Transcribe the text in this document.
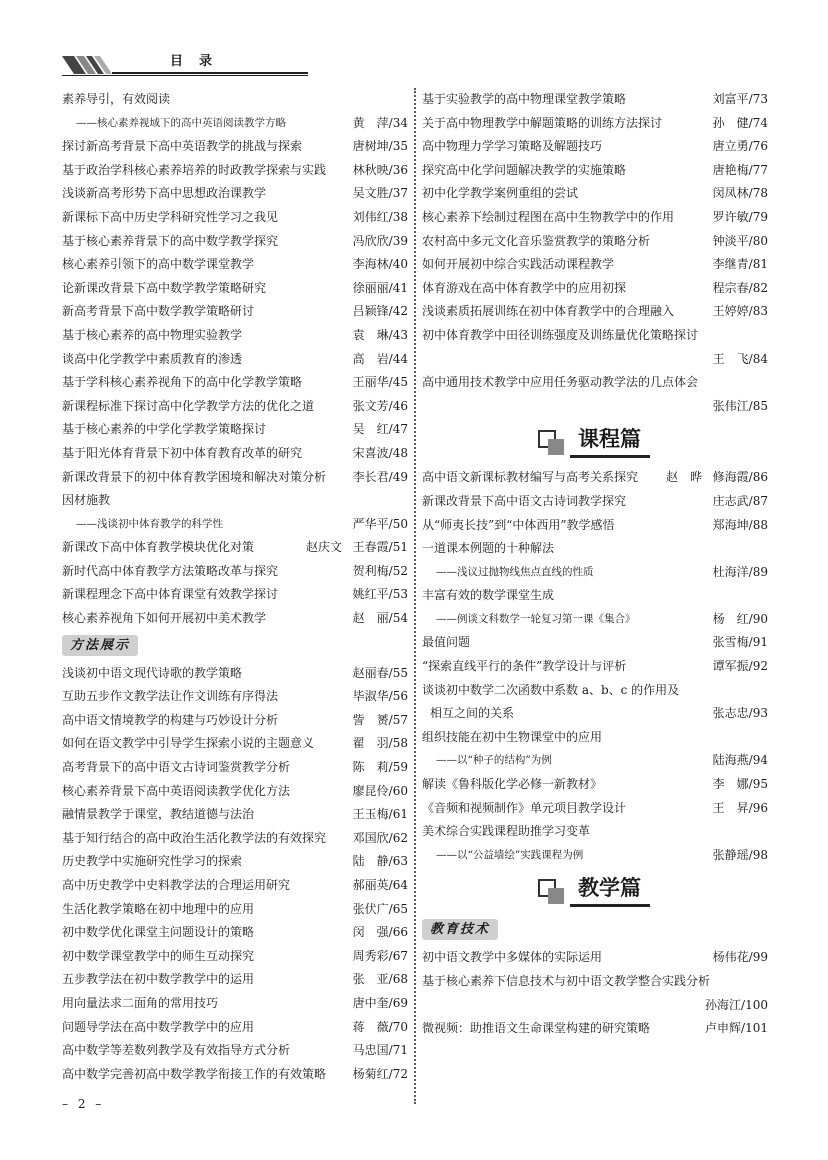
目录
素养导引，有效阅读
——核心素养视域下的高中英语阅读教学方略	黄　萍/34
探讨新高考背景下高中英语教学的挑战与探索	唐树坤/35
基于政治学科核心素养培养的时政教学探索与实践 林秋映/36
浅谈新高考形势下高中思想政治课教学	吴文胜/37
新课标下高中历史学科研究性学习之我见	刘伟红/38
基于核心素养背景下的高中数学教学探究	冯欣欣/39
核心素养引领下的高中数学课堂教学	李海林/40
论新课改背景下高中数学教学策略研究	徐丽丽/41
新高考背景下高中数学教学策略研讨	吕颖锋/42
基于核心素养的高中物理实验教学	袁　琳/43
谈高中化学教学中素质教育的渗透	高　岩/44
基于学科核心素养视角下的高中化学教学策略	王丽华/45
新课程标准下探讨高中化学教学方法的优化之道	张文芳/46
基于核心素养的中学化学教学策略探讨	吴　红/47
基于阳光体育背景下初中体育教育改革的研究	宋喜波/48
新课改背景下的初中体育教学困境和解决对策分析 李长君/49
因材施教
——浅谈初中体育教学的科学性	严华平/50
新课改下高中体育教学模块优化对策	赵庆文 王春霞/51
新时代高中体育教学方法策略改革与探究	贺利梅/52
新课程理念下高中体育课堂有效教学探讨	姚红平/53
核心素养视角下如何开展初中美术教学	赵　丽/54
方法展示
浅谈初中语文现代诗歌的教学策略	赵丽春/55
互助五步作文教学法让作文训练有序得法	毕淑华/56
高中语文情境教学的构建与巧妙设计分析	訾　赟/57
如何在语文教学中引导学生探索小说的主题意义	翟　羽/58
高考背景下的高中语文古诗词鉴赏教学分析	陈　莉/59
核心素养背景下高中英语阅读教学优化方法	廖昆伶/60
融情景教学于课堂，教结道德与法治	王玉梅/61
基于知行结合的高中政治生活化教学法的有效探究 邓国欣/62
历史教学中实施研究性学习的探索	陆　静/63
高中历史教学中史料教学法的合理运用研究	郝丽英/64
生活化教学策略在初中地理中的应用	张伏广/65
初中数学优化课堂主问题设计的策略	闵　强/66
初中数学课堂教学中的师生互动探究	周秀彩/67
五步教学法在初中数学教学中的运用	张　亚/68
用向量法求二面角的常用技巧	唐中奎/69
问题导学法在高中数学教学中的应用	蒋　薇/70
高中数学等差数列教学及有效指导方式分析	马忠国/71
高中数学完善初高中数学教学衔接工作的有效策略 杨菊红/72
基于实验教学的高中物理课堂教学策略	刘富平/73
关于高中物理教学中解题策略的训练方法探讨	孙　健/74
高中物理力学学习策略及解题技巧	唐立勇/76
探究高中化学问题解决教学的实施策略	唐艳梅/77
初中化学教学案例重组的尝试	闵凤林/78
核心素养下绘制过程图在高中生物教学中的作用	罗许敏/79
农村高中多元文化音乐鉴赏教学的策略分析	钟淡平/80
如何开展初中综合实践活动课程教学	李继青/81
体育游戏在高中体育教学中的应用初探	程宗春/82
浅谈素质拓展训练在初中体育教学中的合理融入	王婷婷/83
初中体育教学中田径训练强度及训练量优化策略探讨
王　飞/84
高中通用技术教学中应用任务驱动教学法的几点体会
张伟江/85
课程篇
高中语文新课标教材编写与高考关系探究 赵　晔 修海霞/86
新课改背景下高中语文古诗词教学探究	庄志武/87
从“师夷长技”到“中体西用”教学感悟	郑海坤/88
一道课本例题的十种解法
——浅议过抛物线焦点直线的性质	杜海洋/89
丰富有效的数学课堂生成
——例谈文科数学一轮复习第一课《集合》	杨　红/90
最值问题	张雪梅/91
“探索直线平行的条件”教学设计与评析	谭军振/92
谈谈初中数学二次函数中系数 a、b、c 的作用及
相互之间的关系	张志忠/93
组织技能在初中生物课堂中的应用
——以“种子的结构”为例	陆海燕/94
解读《鲁科版化学必修一新教材》	李　娜/95
《音频和视频制作》单元项目教学设计	王　昇/96
美术综合实践课程助推学习变革
——以“公益墙绘”实践课程为例	张静瑶/98
教学篇
教育技术
初中语文教学中多媒体的实际运用	杨伟花/99
基于核心素养下信息技术与初中语文教学整合实践分析
孙海江/100
微视频：助推语文生命课堂构建的研究策略	卢申辉/101
– 2 –
